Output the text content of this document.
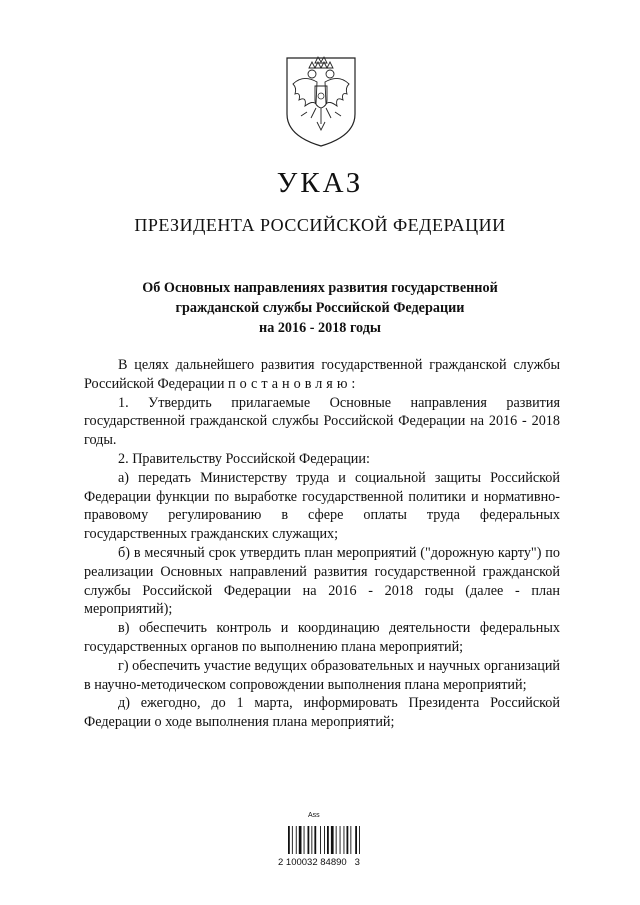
УКАЗ
ПРЕЗИДЕНТА РОССИЙСКОЙ ФЕДЕРАЦИИ
Об Основных направлениях развития государственной
гражданской службы Российской Федерации
на 2016 - 2018 годы

В целях дальнейшего развития государственной гражданской службы Российской Федерации постановляю:

1. Утвердить прилагаемые Основные направления развития государственной гражданской службы Российской Федерации на 2016 - 2018 годы.

2. Правительству Российской Федерации:

а) передать Министерству труда и социальной защиты Российской Федерации функции по выработке государственной политики и нормативно-правовому регулированию в сфере оплаты труда федеральных государственных гражданских служащих;

б) в месячный срок утвердить план мероприятий ("дорожную карту") по реализации Основных направлений развития государственной гражданской службы Российской Федерации на 2016 - 2018 годы (далее - план мероприятий);

в) обеспечить контроль и координацию деятельности федеральных государственных органов по выполнению плана мероприятий;

г) обеспечить участие ведущих образовательных и научных организаций в научно-методическом сопровождении выполнения плана мероприятий;

д) ежегодно, до 1 марта, информировать Президента Российской Федерации о ходе выполнения плана мероприятий;

Ass
2 100032 84890   3
